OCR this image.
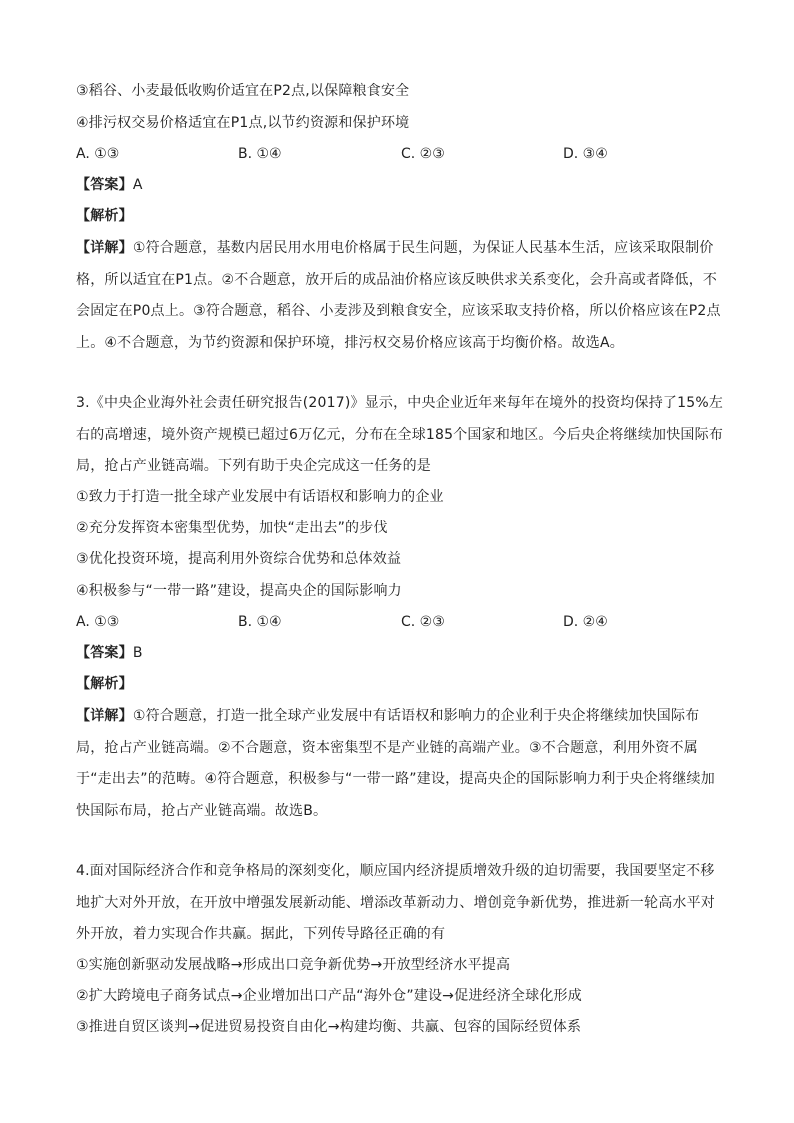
③稻谷、小麦最低收购价适宜在P2点,以保障粮食安全
④排污权交易价格适宜在P1点,以节约资源和保护环境
A. ①③	B. ①④	C. ②③	D. ③④
【答案】A
【解析】
【详解】①符合题意，基数内居民用水用电价格属于民生问题，为保证人民基本生活，应该采取限制价格，所以适宜在P1点。②不合题意，放开后的成品油价格应该反映供求关系变化，会升高或者降低，不会固定在P0点上。③符合题意，稻谷、小麦涉及到粮食安全，应该采取支持价格，所以价格应该在P2点上。④不合题意，为节约资源和保护环境，排污权交易价格应该高于均衡价格。故选A。
3.《中央企业海外社会责任研究报告(2017)》显示，中央企业近年来每年在境外的投资均保持了15%左右的高增速，境外资产规模已超过6万亿元，分布在全球185个国家和地区。今后央企将继续加快国际布局，抢占产业链高端。下列有助于央企完成这一任务的是
①致力于打造一批全球产业发展中有话语权和影响力的企业
②充分发挥资本密集型优势，加快“走出去”的步伐
③优化投资环境，提高利用外资综合优势和总体效益
④积极参与“一带一路”建设，提高央企的国际影响力
A. ①③	B. ①④	C. ②③	D. ②④
【答案】B
【解析】
【详解】①符合题意，打造一批全球产业发展中有话语权和影响力的企业利于央企将继续加快国际布局，抢占产业链高端。②不合题意，资本密集型不是产业链的高端产业。③不合题意，利用外资不属于“走出去”的范畴。④符合题意，积极参与“一带一路”建设，提高央企的国际影响力利于央企将继续加快国际布局，抢占产业链高端。故选B。
4.面对国际经济合作和竞争格局的深刻变化，顺应国内经济提质增效升级的迫切需要，我国要坚定不移地扩大对外开放，在开放中增强发展新动能、增添改革新动力、增创竞争新优势，推进新一轮高水平对外开放，着力实现合作共赢。据此，下列传导路径正确的有
①实施创新驱动发展战略→形成出口竞争新优势→开放型经济水平提高
②扩大跨境电子商务试点→企业增加出口产品“海外仓”建设→促进经济全球化形成
③推进自贸区谈判→促进贸易投资自由化→构建均衡、共赢、包容的国际经贸体系
